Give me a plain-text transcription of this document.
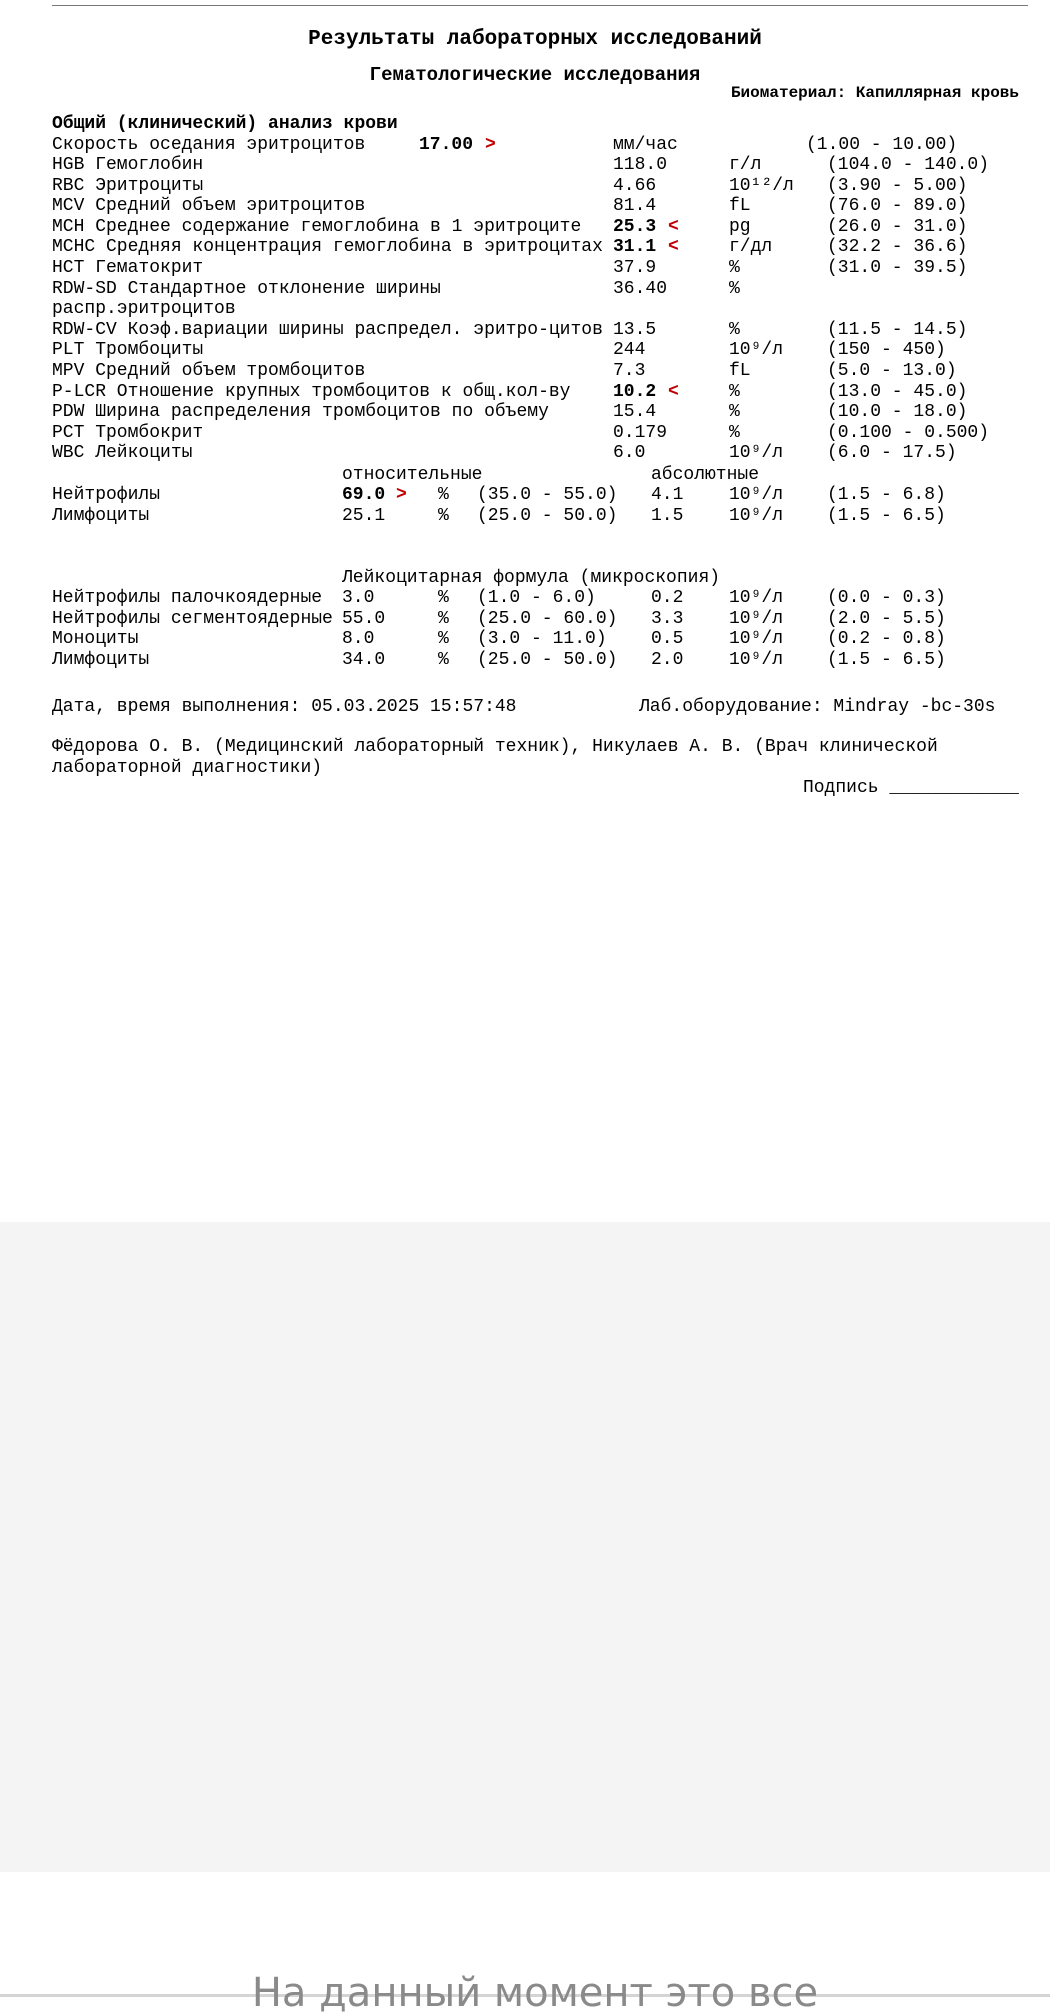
Результаты лабораторных исследований
Гематологические исследования
Биоматериал: Капиллярная кровь
Общий (клинический) анализ крови
Скорость оседания эритроцитов	17.00 >	мм/час	(1.00 - 10.00)
HGB Гемоглобин	118.0	г/л	(104.0 - 140.0)
RBC Эритроциты	4.66	10¹²/л (3.90 - 5.00)
MCV Средний объем эритроцитов	81.4	fL	(76.0 - 89.0)
MCH Среднее содержание гемоглобина в 1 эритроците 25.3 <	pg	(26.0 - 31.0)
MCHC Средняя концентрация гемоглобина в эритроцитах 31.1 <	г/дл	(32.2 - 36.6)
HCT Гематокрит	37.9	%	(31.0 - 39.5)
RDW-SD Стандартное отклонение ширины	36.40	%
распр.эритроцитов
RDW-CV Коэф.вариации ширины распредел. эритро-цитов 13.5	%	(11.5 - 14.5)
PLT Тромбоциты	244	10⁹/л (150 - 450)
MPV Средний объем тромбоцитов	7.3	fL	(5.0 - 13.0)
P-LCR Отношение крупных тромбоцитов к общ.кол-ву 10.2 <	%	(13.0 - 45.0)
PDW Ширина распределения тромбоцитов по объему	15.4	%	(10.0 - 18.0)
PCT Тромбокрит	0.179	%	(0.100 - 0.500)
WBC Лейкоциты	6.0	10⁹/л (6.0 - 17.5)
относительные	абсолютные
Нейтрофилы	69.0 > % (35.0 - 55.0) 4.1	10⁹/л (1.5 - 6.8)
Лимфоциты	25.1	% (25.0 - 50.0) 1.5	10⁹/л (1.5 - 6.5)
Лейкоцитарная формула (микроскопия)
Нейтрофилы палочкоядерные 3.0	% (1.0 - 6.0)	0.2	10⁹/л (0.0 - 0.3)
Нейтрофилы сегментоядерные 55.0	% (25.0 - 60.0) 3.3	10⁹/л (2.0 - 5.5)
Моноциты	8.0	% (3.0 - 11.0) 0.5	10⁹/л (0.2 - 0.8)
Лимфоциты	34.0	% (25.0 - 50.0) 2.0	10⁹/л (1.5 - 6.5)
Дата, время выполнения: 05.03.2025 15:57:48	Лаб.оборудование: Mindray -bc-30s
Фёдорова О. В. (Медицинский лабораторный техник), Никулаев А. В. (Врач клинической
лабораторной диагностики)
Подпись ____________
На данный момент это все
